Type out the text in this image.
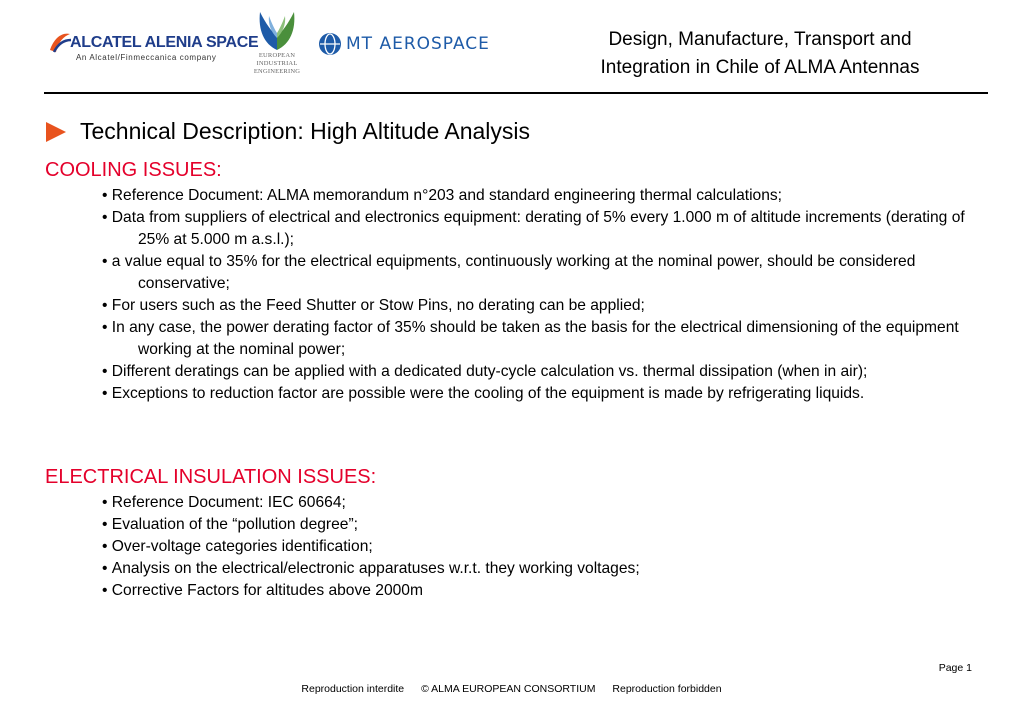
ALCATEL ALENIA SPACE
An Alcatel/Finmeccanica company	EUROPEAN
INDUSTRIAL
ENGINEERING
MT AEROSPACE	Design, Manufacture, Transport and
Integration in Chile of ALMA Antennas
Technical Description: High Altitude Analysis
COOLING ISSUES:
• Reference Document: ALMA memorandum n°203 and standard engineering thermal calculations;
• Data from suppliers of electrical and electronics equipment: derating of 5% every 1.000 m of altitude increments (derating of 25% at 5.000 m a.s.l.);
• a value equal to 35% for the electrical equipments, continuously working at the nominal power, should be considered conservative;
• For users such as the Feed Shutter or Stow Pins, no derating can be applied;
• In any case, the power derating factor of 35% should be taken as the basis for the electrical dimensioning of the equipment working at the nominal power;
• Different deratings can be applied with a dedicated duty-cycle calculation vs. thermal dissipation (when in air);
• Exceptions to reduction factor are possible were the cooling of the equipment is made by refrigerating liquids.
ELECTRICAL INSULATION ISSUES:
• Reference Document: IEC 60664;
• Evaluation of the “pollution degree”;
• Over-voltage categories identification;
• Analysis on the electrical/electronic apparatuses w.r.t. they working voltages;
• Corrective Factors for altitudes above 2000m
Page 1
Reproduction interdite © ALMA EUROPEAN CONSORTIUM Reproduction forbidden
